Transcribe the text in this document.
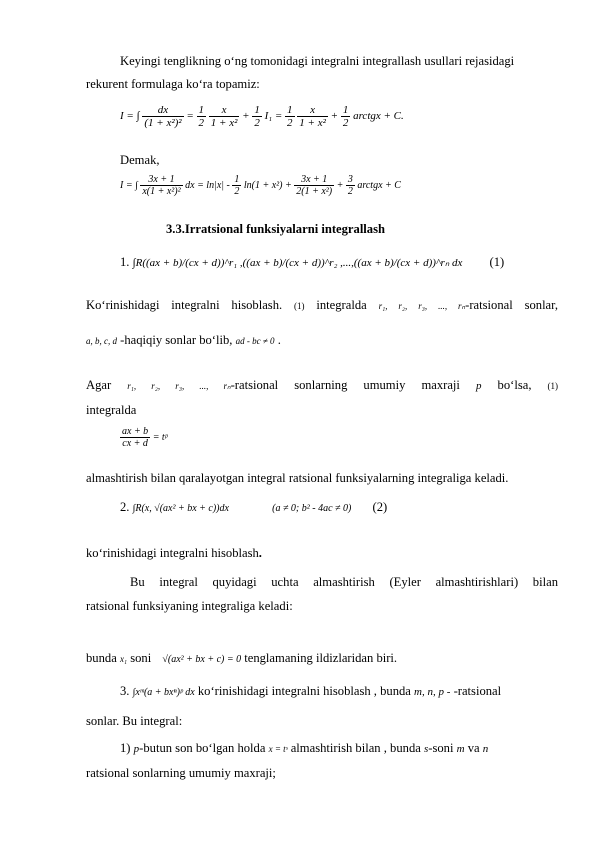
Keyingi tenglikning o‘ng tomonidagi integralni integrallash usullari rejasidagi
rekurent formulaga ko‘ra topamiz:
I = ∫ $\frac{dx}{\text{(1 + x²)²}} = \frac{1}{2}$
$\frac{x}{\text{1 + x²}} + \frac{1}{2} I_1 = \frac{1}{2}$
$\frac{x}{\text{1 + x²}} + \frac{1}{2}$ arctgx + C.
Demak,
I = ∫ $\frac{3x + 1}{\text{x(1 + x²)²}}$ dx = $\ln|x| - \frac{1}{2} \ln(1 + x^2) + \frac{3x + 1}{\text{2(1 + x²)}} + \frac{3}{2}$ arctgx + C
3.3.Irratsional funksiyalarni integrallash
1. ∫R((ax + b)/(cx + d))^r₁ ,((ax + b)/(cx + d))^r₂ ,...,((ax + b)/(cx + d))^rₙ dx (1)
Ko‘rinishidagi integralni hisoblash. (1) integralda r₁, r₂, r₃, ..., rₙ-ratsional sonlar,
a, b, c, d -haqiqiy sonlar bo‘lib, ad - bc ≠ 0 .
Agar r₁, r₂, r₃, ..., rₙ-ratsional sonlarning umumiy maxraji p bo‘lsa, (1)
integralda
$\frac{ax + b}{cx + d}$ = tᵖ
almashtirish bilan qaralayotgan integral ratsional funksiyalarning integraliga keladi.
2. ∫R(x, √(ax² + bx + c))dx	(a ≠ 0; b² - 4ac ≠ 0) (2)
ko‘rinishidagi integralni hisoblash.
Bu integral quyidagi uchta almashtirish (Eyler almashtirishlari) bilan
ratsional funksiyaning integraliga keladi:
bunda x₁ soni √(ax² + bx + c) = 0 tenglamaning ildizlaridan biri.
3. ∫xᵐ(a + bxⁿ)ᵖ dx ko‘rinishidagi integralni hisoblash , bunda m, n, p - -ratsional
sonlar. Bu integral:
1) p-butun son bo‘lgan holda x = tˢ almashtirish bilan , bunda s-soni m va n
ratsional sonlarning umumiy maxraji;
